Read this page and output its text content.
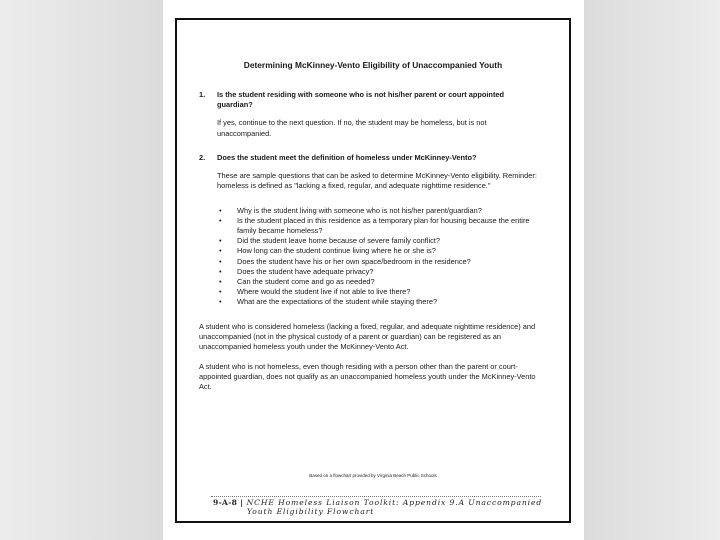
Determining McKinney-Vento Eligibility of Unaccompanied Youth
1. Is the student residing with someone who is not his/her parent or court appointed guardian?
If yes, continue to the next question. If no, the student may be homeless, but is not unaccompanied.
2. Does the student meet the definition of homeless under McKinney-Vento?
These are sample questions that can be asked to determine McKinney-Vento eligibility. Reminder: homeless is defined as "lacking a fixed, regular, and adequate nighttime residence."
• Why is the student living with someone who is not his/her parent/guardian?
• Is the student placed in this residence as a temporary plan for housing because the entire family became homeless?
• Did the student leave home because of severe family conflict?
• How long can the student continue living where he or she is?
• Does the student have his or her own space/bedroom in the residence?
• Does the student have adequate privacy?
• Can the student come and go as needed?
• Where would the student live if not able to live there?
• What are the expectations of the student while staying there?
A student who is considered homeless (lacking a fixed, regular, and adequate nighttime residence) and unaccompanied (not in the physical custody of a parent or guardian) can be registered as an unaccompanied homeless youth under the McKinney-Vento Act.
A student who is not homeless, even though residing with a person other than the parent or court-appointed guardian, does not qualify as an unaccompanied homeless youth under the McKinney-Vento Act.
Based on a flowchart provided by Virginia Beach Public Schools
9-A-8 | NCHE Homeless Liaison Toolkit: Appendix 9.A Unaccompanied
Youth Eligibility Flowchart
